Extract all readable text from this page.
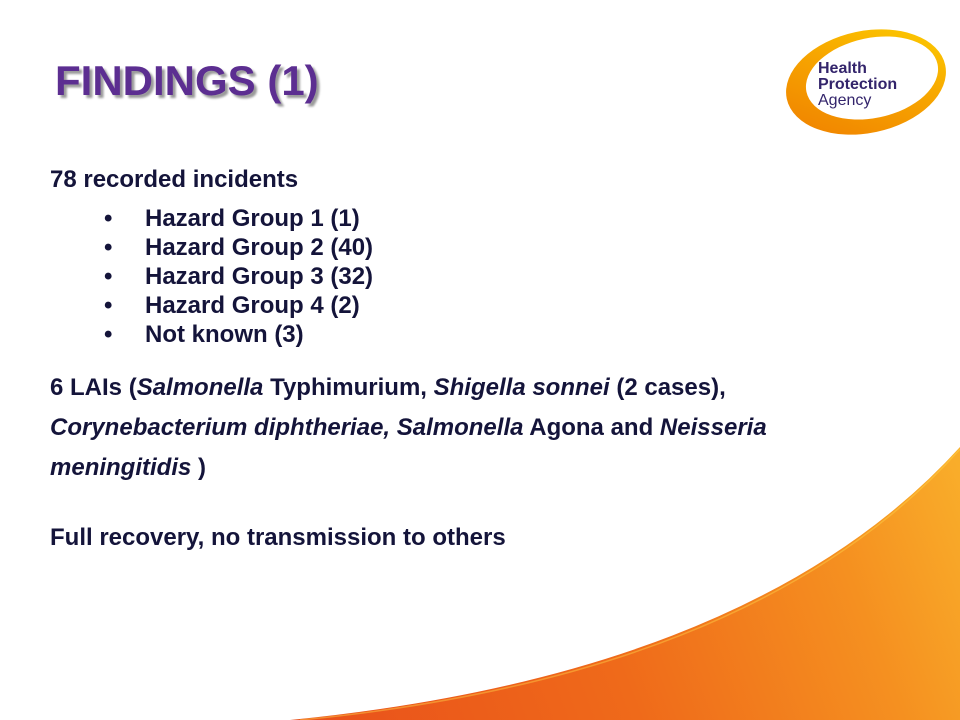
Health
Protection
Agency
FINDINGS (1)
78 recorded incidents
• Hazard Group 1 (1)
• Hazard Group 2 (40)
• Hazard Group 3 (32)
• Hazard Group 4 (2)
• Not known (3)
6 LAIs (Salmonella Typhimurium, Shigella sonnei (2 cases),
Corynebacterium diphtheriae, Salmonella Agona and Neisseria
meningitidis )
Full recovery, no transmission to others
